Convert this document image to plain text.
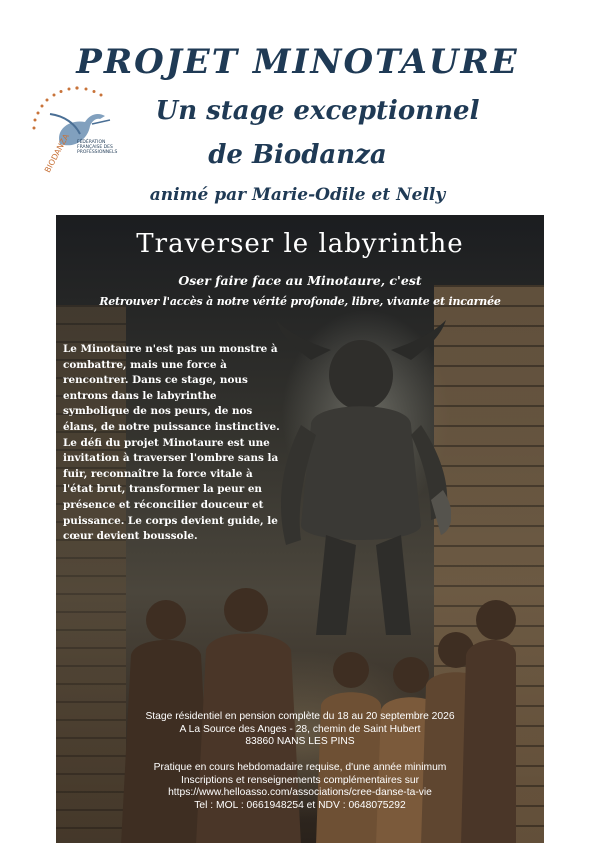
PROJET MINOTAURE
Un stage exceptionnel
de Biodanza
animé par Marie-Odile et Nelly
BIODANZA FÉDÉRATION FRANÇAISE DES PROFESSIONNELS
Traverser le labyrinthe
Oser faire face au Minotaure, c'est
Retrouver l'accès à notre vérité profonde, libre, vivante et incarnée

Le Minotaure n'est pas un monstre à combattre, mais une force à rencontrer. Dans ce stage, nous entrons dans le labyrinthe symbolique de nos peurs, de nos élans, de notre puissance instinctive.

Le défi du projet Minotaure est une invitation à traverser l'ombre sans la fuir, reconnaître la force vitale à l'état brut, transformer la peur en présence et réconcilier douceur et puissance. Le corps devient guide, le cœur devient boussole.

Stage résidentiel en pension complète du 18 au 20 septembre 2026
A La Source des Anges - 28, chemin de Saint Hubert
83860 NANS LES PINS
Pratique en cours hebdomadaire requise, d'une année minimum
Inscriptions et renseignements complémentaires sur
https://www.helloasso.com/associations/cree-danse-ta-vie
Tel : MOL : 0661948254 et NDV : 0648075292
